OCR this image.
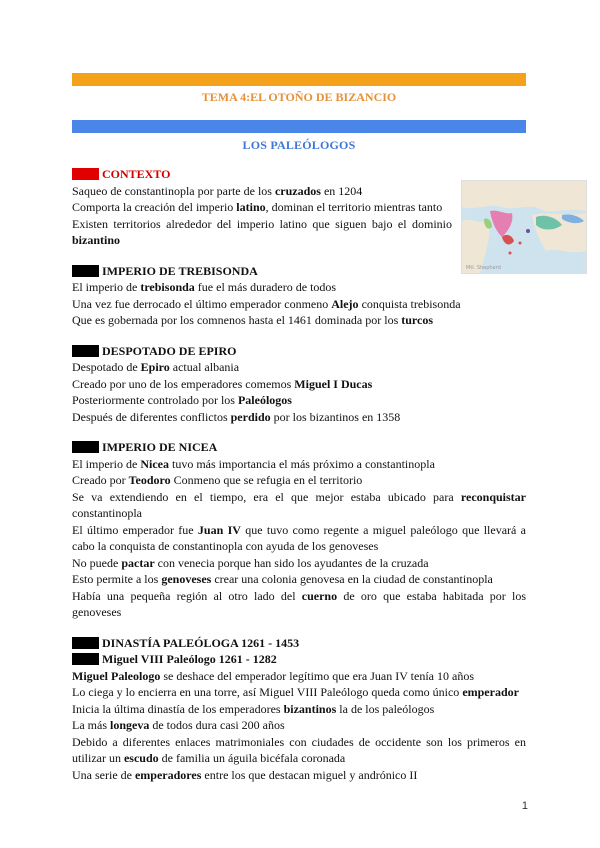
TEMA 4:EL OTOÑO DE BIZANCIO
LOS PALEÓLOGOS
Mtl. Shepherd
CONTEXTO

Saqueo de constantinopla por parte de los cruzados en 1204

Comporta la creación del imperio latino, dominan el territorio mientras tanto

Existen territorios alrededor del imperio latino que siguen bajo el dominio bizantino

IMPERIO DE TREBISONDA

El imperio de trebisonda fue el más duradero de todos

Una vez fue derrocado el último emperador conmeno Alejo conquista trebisonda

Que es gobernada por los comnenos hasta el 1461 dominada por los turcos

DESPOTADO DE EPIRO

Despotado de Epiro actual albania

Creado por uno de los emperadores comemos Miguel I Ducas

Posteriormente controlado por los Paleólogos

Después de diferentes conflictos perdido por los bizantinos en 1358

IMPERIO DE NICEA

El imperio de Nicea tuvo más importancia el más próximo a constantinopla

Creado por Teodoro Conmeno que se refugia en el territorio

Se va extendiendo en el tiempo, era el que mejor estaba ubicado para reconquistar constantinopla

El último emperador fue Juan IV que tuvo como regente a miguel paleólogo que llevará a cabo la conquista de constantinopla con ayuda de los genoveses

No puede pactar con venecia porque han sido los ayudantes de la cruzada

Esto permite a los genoveses crear una colonia genovesa en la ciudad de constantinopla

Había una pequeña región al otro lado del cuerno de oro que estaba habitada por los genoveses

DINASTÍA PALEÓLOGA 1261 - 1453
Miguel VIII Paleólogo 1261 - 1282

Miguel Paleologo se deshace del emperador legítimo que era Juan IV tenía 10 años

Lo ciega y lo encierra en una torre, así Miguel VIII Paleólogo queda como único emperador

Inicia la última dinastía de los emperadores bizantinos la de los paleólogos

La más longeva de todos dura casi 200 años

Debido a diferentes enlaces matrimoniales con ciudades de occidente son los primeros en utilizar un escudo de familia un águila bicéfala coronada

Una serie de emperadores entre los que destacan miguel y andrónico II

1
